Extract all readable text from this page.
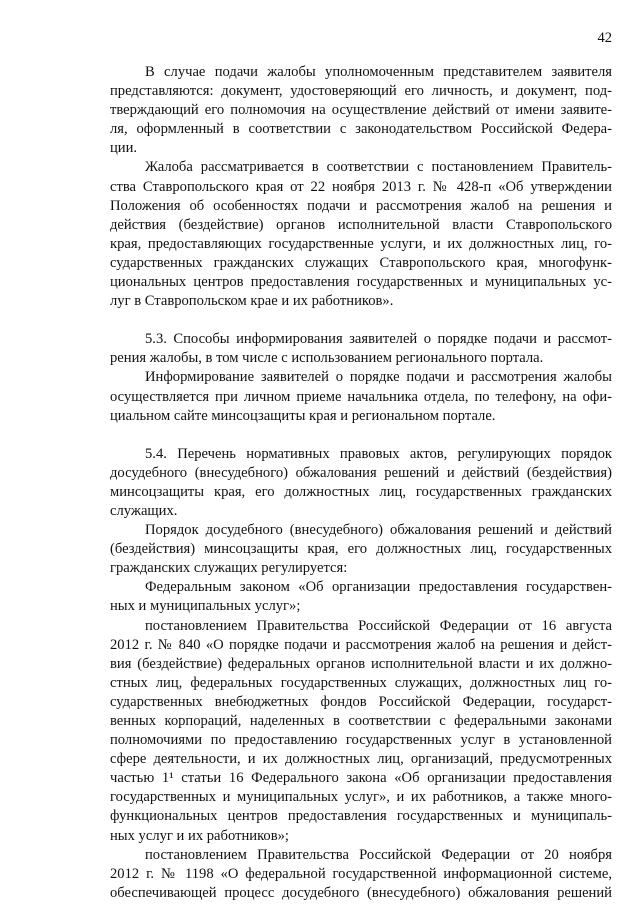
42
В случае подачи жалобы уполномоченным представителем заявителя
представляются: документ, удостоверяющий его личность, и документ, под-
тверждающий его полномочия на осуществление действий от имени заявите-
ля, оформленный в соответствии с законодательством Российской Федера-
ции.
Жалоба рассматривается в соответствии с постановлением Правитель-
ства Ставропольского края от 22 ноября 2013 г. № 428-п «Об утверждении
Положения об особенностях подачи и рассмотрения жалоб на решения и
действия (бездействие) органов исполнительной власти Ставропольского
края, предоставляющих государственные услуги, и их должностных лиц, го-
сударственных гражданских служащих Ставропольского края, многофунк-
циональных центров предоставления государственных и муниципальных ус-
луг в Ставропольском крае и их работников».
5.3. Способы информирования заявителей о порядке подачи и рассмот-
рения жалобы, в том числе с использованием регионального портала.
Информирование заявителей о порядке подачи и рассмотрения жалобы
осуществляется при личном приеме начальника отдела, по телефону, на офи-
циальном сайте минсоцзащиты края и региональном портале.
5.4. Перечень нормативных правовых актов, регулирующих порядок
досудебного (внесудебного) обжалования решений и действий (бездействия)
минсоцзащиты края, его должностных лиц, государственных гражданских
служащих.
Порядок досудебного (внесудебного) обжалования решений и действий
(бездействия) минсоцзащиты края, его должностных лиц, государственных
гражданских служащих регулируется:
Федеральным законом «Об организации предоставления государствен-
ных и муниципальных услуг»;
постановлением Правительства Российской Федерации от 16 августа
2012 г. № 840 «О порядке подачи и рассмотрения жалоб на решения и дейст-
вия (бездействие) федеральных органов исполнительной власти и их должно-
стных лиц, федеральных государственных служащих, должностных лиц го-
сударственных внебюджетных фондов Российской Федерации, государст-
венных корпораций, наделенных в соответствии с федеральными законами
полномочиями по предоставлению государственных услуг в установленной
сфере деятельности, и их должностных лиц, организаций, предусмотренных
частью 1¹ статьи 16 Федерального закона «Об организации предоставления
государственных и муниципальных услуг», и их работников, а также много-
функциональных центров предоставления государственных и муниципаль-
ных услуг и их работников»;
постановлением Правительства Российской Федерации от 20 ноября
2012 г. № 1198 «О федеральной государственной информационной системе,
обеспечивающей процесс досудебного (внесудебного) обжалования решений
